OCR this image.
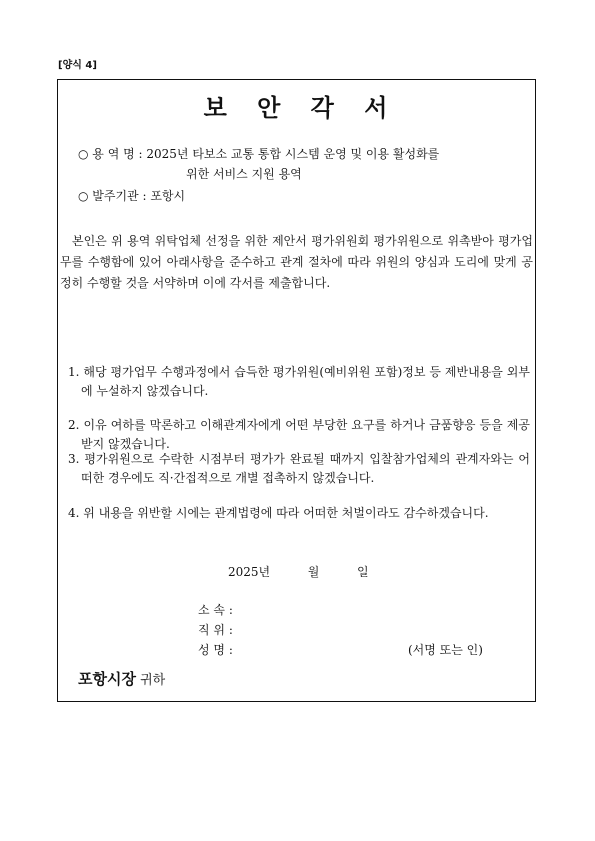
[양식 4]
보 안 각 서
○ 용 역 명 : 2025년 타보소 교통 통합 시스템 운영 및 이용 활성화를
위한 서비스 지원 용역
○ 발주기관 : 포항시
본인은 위 용역 위탁업체 선정을 위한 제안서 평가위원회 평가위원으로 위촉받아 평가업무를 수행함에 있어 아래사항을 준수하고 관계 절차에 따라 위원의 양심과 도리에 맞게 공정히 수행할 것을 서약하며 이에 각서를 제출합니다.
1. 해당 평가업무 수행과정에서 습득한 평가위원(예비위원 포함)정보 등 제반내용을 외부에 누설하지 않겠습니다.
2. 이유 여하를 막론하고 이해관계자에게 어떤 부당한 요구를 하거나 금품향응 등을 제공받지 않겠습니다.
3. 평가위원으로 수락한 시점부터 평가가 완료될 때까지 입찰참가업체의 관계자와는 어떠한 경우에도 직·간접적으로 개별 접촉하지 않겠습니다.
4. 위 내용을 위반할 시에는 관계법령에 따라 어떠한 처벌이라도 감수하겠습니다.
2025년	월	일
소 속 :
직 위 :
성 명 :	(서명 또는 인)
포항시장 귀하
